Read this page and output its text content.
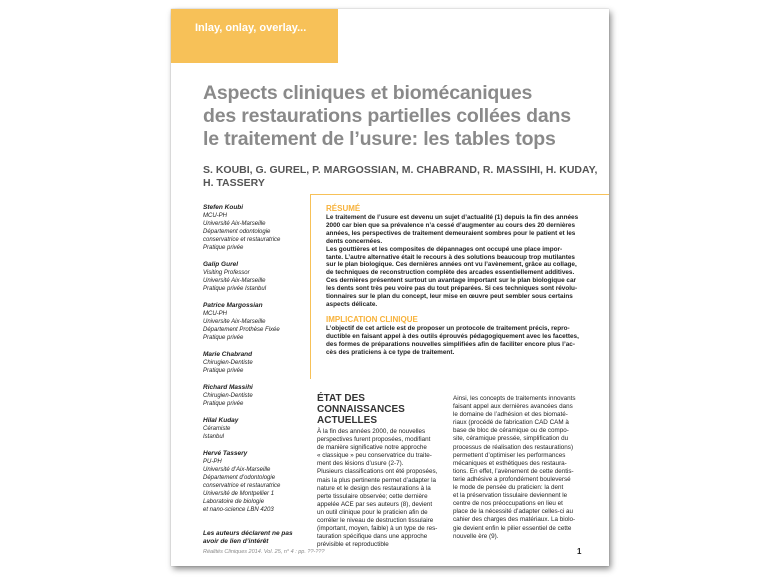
Inlay, onlay, overlay...
Aspects cliniques et biomécaniques
des restaurations partielles collées dans
le traitement de l’usure: les tables tops

S. KOUBI, G. GUREL, P. MARGOSSIAN, M. CHABRAND, R. MASSIHI, H. KUDAY,
H. TASSERY

Stefen Koubi
MCU-PH
Université Aix-Marseille
Département odontologie
conservatrice et restauratrice
Pratique privée
Galip Gurel
Visiting Professor
Université Aix-Marseille
Pratique privée Istanbul
Patrice Margossian
MCU-PH
Universite Aix-Marseille
Département Prothèse Fixée
Pratique privée
Marie Chabrand
Chirugien-Dentiste
Pratique privée
Richard Massihi
Chirugien-Dentiste
Pratique privée
Hilal Kuday
Céramiste
Istanbul
Hervé Tassery
PU-PH
Université d’Aix-Marseille
Département d’odontologie
conservatrice et restauratrice
Université de Montpellier 1
Laboratoire de biologie
et nano-science LBN 4203
Les auteurs déclarent ne pas
avoir de lien d’intérêt
RÉSUMÉ

Le traitement de l’usure est devenu un sujet d’actualité (1) depuis la fin des années
2000 car bien que sa prévalence n’a cessé d’augmenter au cours des 20 dernières
années, les perspectives de traitement demeuraient sombres pour le patient et les
dents concernées.
Les gouttières et les composites de dépannages ont occupé une place impor-
tante. L’autre alternative était le recours à des solutions beaucoup trop mutilantes
sur le plan biologique. Ces dernières années ont vu l’avènement, grâce au collage,
de techniques de reconstruction complète des arcades essentiellement additives.
Ces dernières présentent surtout un avantage important sur le plan biologique car
les dents sont très peu voire pas du tout préparées. Si ces techniques sont révolu-
tionnaires sur le plan du concept, leur mise en œuvre peut sembler sous certains
aspects délicate.

IMPLICATION CLINIQUE

L’objectif de cet article est de proposer un protocole de traitement précis, repro-
ductible en faisant appel à des outils éprouvés pédagogiquement avec les facettes,
des formes de préparations nouvelles simplifiées afin de faciliter encore plus l’ac-
cès des praticiens à ce type de traitement.

ÉTAT DES
CONNAISSANCES
ACTUELLES
À la fin des années 2000, de nouvelles
perspectives furent proposées, modifiant
de manière significative notre approche
« classique » peu conservatrice du traite-
ment des lésions d’usure (2-7).
Plusieurs classifications ont été proposées,
mais la plus pertinente permet d’adapter la
nature et le design des restaurations à la
perte tissulaire observée; cette dernière
appelée ACE par ses auteurs (8), devient
un outil clinique pour le praticien afin de
corréler le niveau de destruction tissulaire
(important, moyen, faible) à un type de res-
tauration spécifique dans une approche
prévisible et reproductible
Ainsi, les concepts de traitements innovants
faisant appel aux dernières avancées dans
le domaine de l’adhésion et des biomaté-
riaux (procédé de fabrication CAD CAM à
base de bloc de céramique ou de compo-
site, céramique pressée, simplification du
processus de réalisation des restaurations)
permettent d’optimiser les performances
mécaniques et esthétiques des restaura-
tions. En effet, l’avènement de cette dentis-
terie adhésive a profondément bouleversé
le mode de pensée du praticien: la dent
et la préservation tissulaire deviennent le
centre de nos préoccupations en lieu et
place de la nécessité d’adapter celles-ci au
cahier des charges des matériaux. La biolo-
gie devient enfin le pilier essentiel de cette
nouvelle ère (9).
Réalités Cliniques 2014. Vol. 25, n° 4 : pp. ??-???	1
